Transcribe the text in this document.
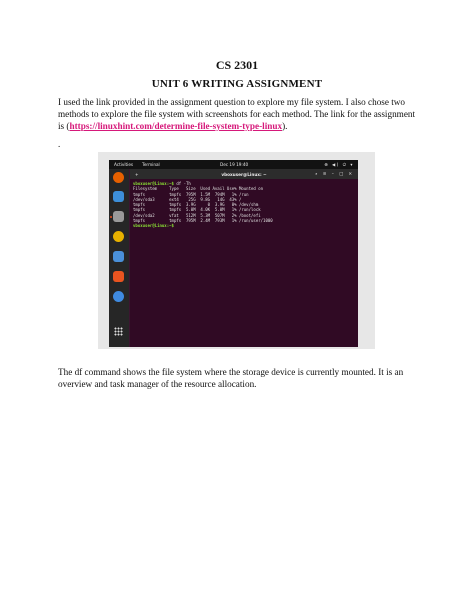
CS 2301
UNIT 6 WRITING ASSIGNMENT
I used the link provided in the assignment question to explore my file system. I also chose two methods to explore the file system with screenshots for each method. The link for the assignment is (https://linuxhint.com/determine-file-system-type-linux).
.
Activities Terminal	Dec 19 19:40	⊕ ◀) ⏻ ▾
+	vboxuser@Linux: ~	⌕ ≡ – □ ✕
vboxuser@Linux:~$ df -Th
Filesystem     Type   Size  Used Avail Use% Mounted on
tmpfs          tmpfs  795M  1.5M  794M   1% /run
/dev/sda3      ext4    25G  9.8G   14G  43% /
tmpfs          tmpfs  3.9G     0  3.9G   0% /dev/shm
tmpfs          tmpfs  5.0M  4.0K  5.0M   1% /run/lock
/dev/sda2      vfat   512M  5.3M  507M   2% /boot/efi
tmpfs          tmpfs  795M  2.4M  793M   1% /run/user/1000
vboxuser@Linux:~$
The df command shows the file system where the storage device is currently mounted. It is an overview and task manager of the resource allocation.
